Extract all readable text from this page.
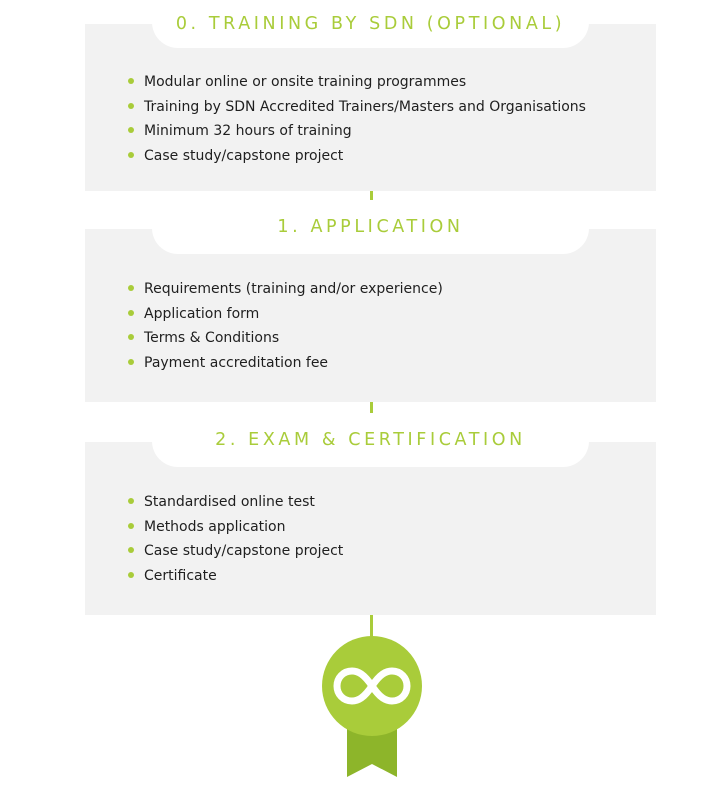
0. TRAINING BY SDN (OPTIONAL)
Modular online or onsite training programmes
Training by SDN Accredited Trainers/Masters and Organisations
Minimum 32 hours of training
Case study/capstone project
1. APPLICATION
Requirements (training and/or experience)
Application form
Terms & Conditions
Payment accreditation fee
2. EXAM & CERTIFICATION
Standardised online test
Methods application
Case study/capstone project
Certificate
